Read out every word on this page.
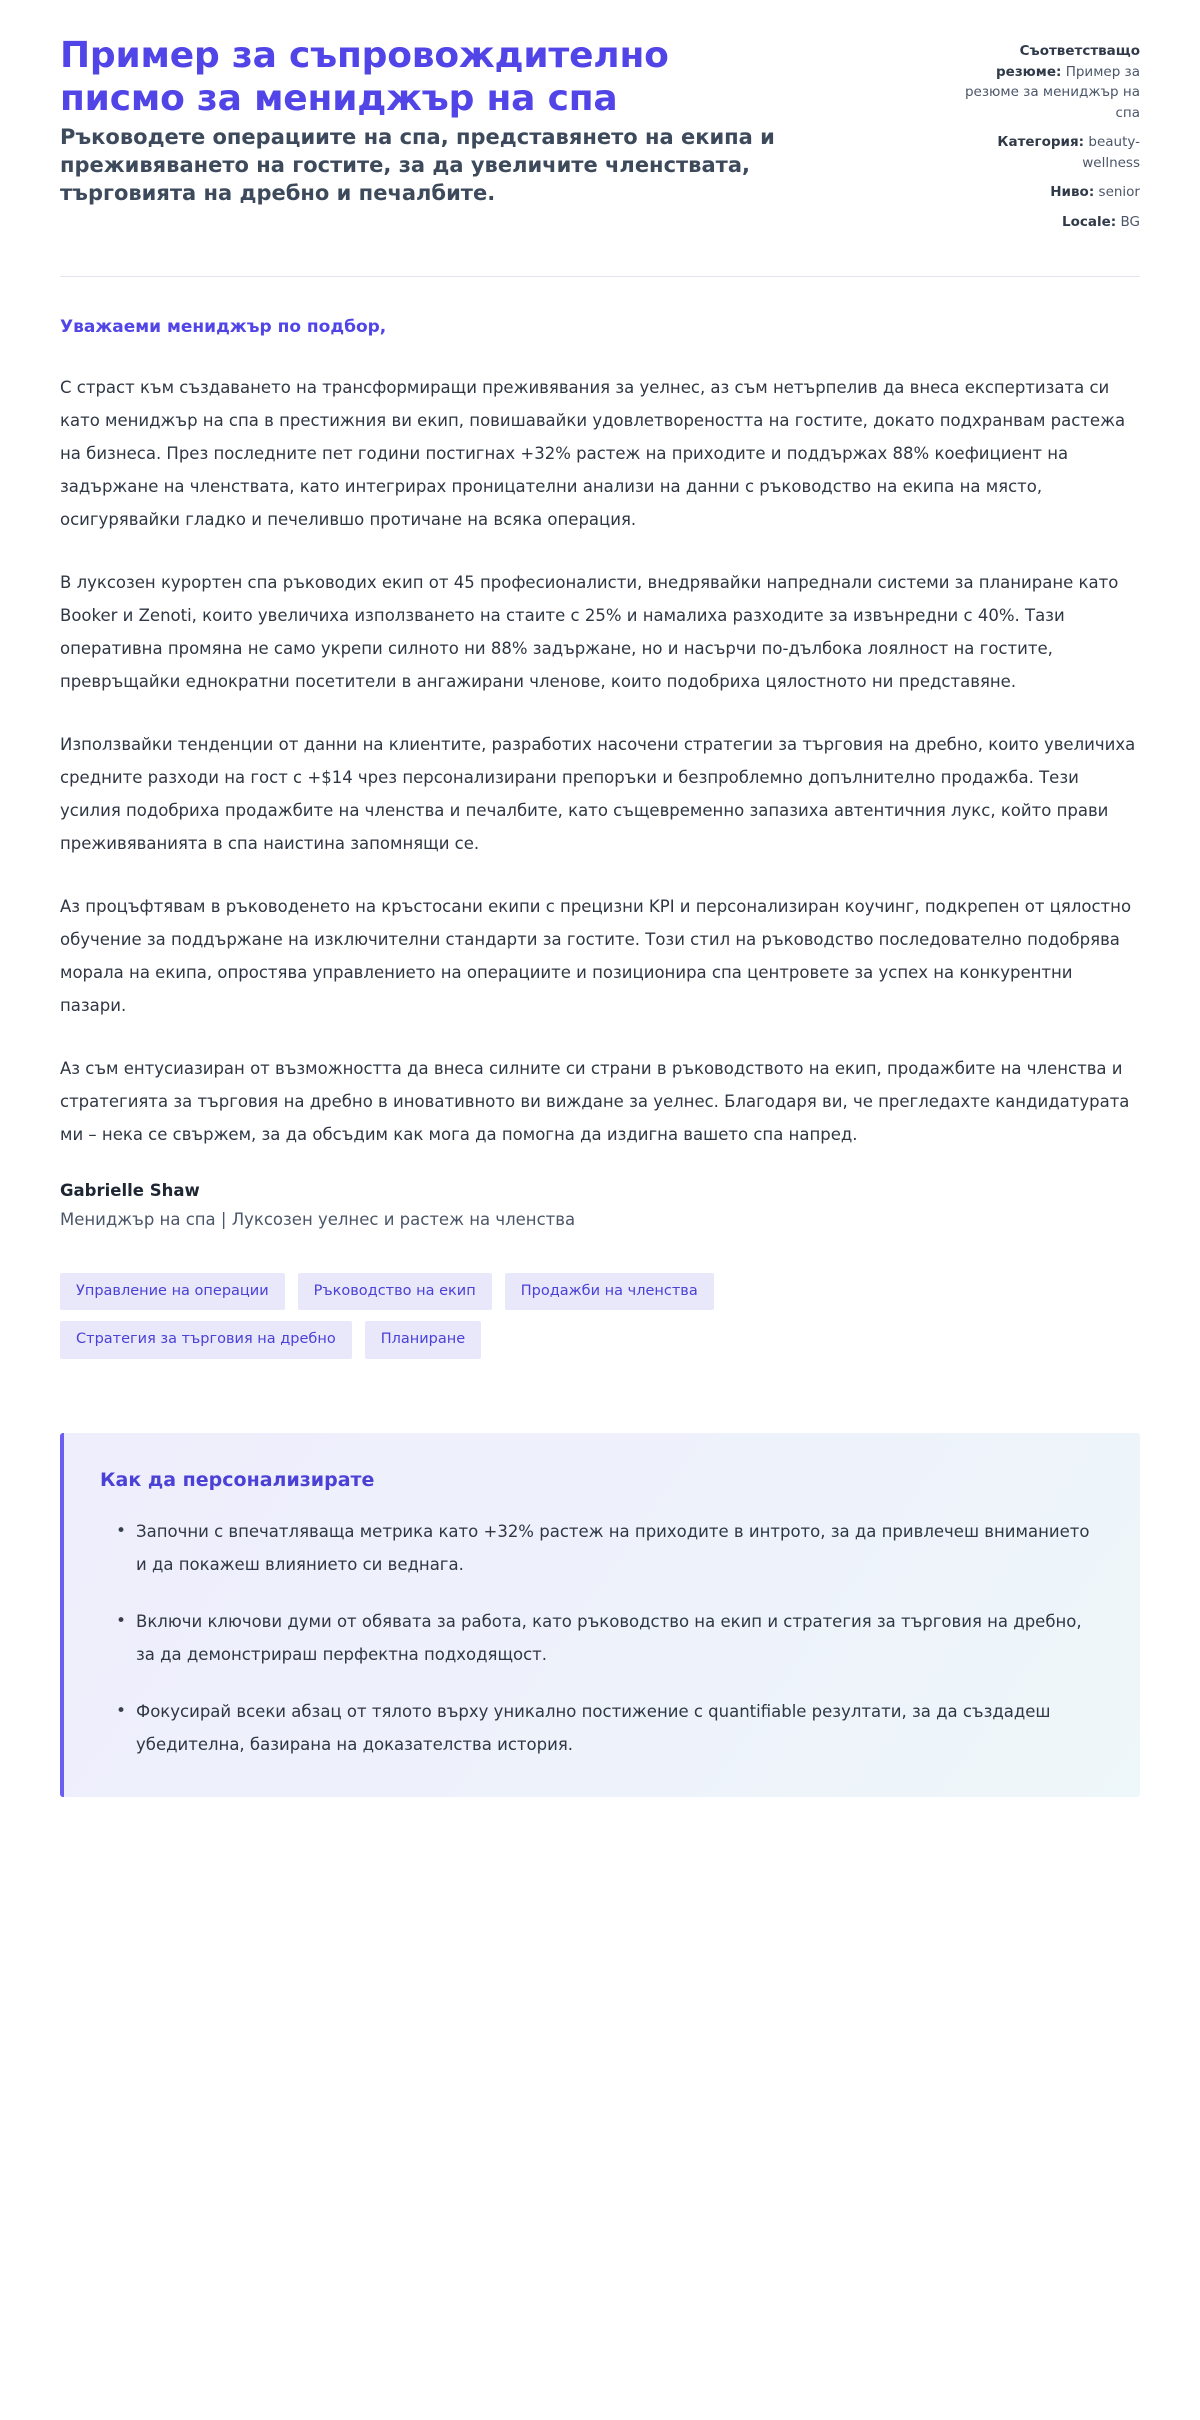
Пример за съпровождително писмо за мениджър на спа

Ръководете операциите на спа, представянето на екипа и преживяването на гостите, за да увеличите членствата, търговията на дребно и печалбите.

Съответстващо резюме: Пример за резюме за мениджър на спа
Категория: beauty-wellness
Ниво: senior
Locale: BG

Уважаеми мениджър по подбор,

С страст към създаването на трансформиращи преживявания за уелнес, аз съм нетърпелив да внеса експертизата си като мениджър на спа в престижния ви екип, повишавайки удовлетвореността на гостите, докато подхранвам растежа на бизнеса. През последните пет години постигнах +32% растеж на приходите и поддържах 88% коефициент на задържане на членствата, като интегрирах проницателни анализи на данни с ръководство на екипа на място, осигурявайки гладко и печелившо протичане на всяка операция.

В луксозен курортен спа ръководих екип от 45 професионалисти, внедрявайки напреднали системи за планиране като Booker и Zenoti, които увеличиха използването на стаите с 25% и намалиха разходите за извънредни с 40%. Тази оперативна промяна не само укрепи силното ни 88% задържане, но и насърчи по-дълбока лоялност на гостите, превръщайки еднократни посетители в ангажирани членове, които подобриха цялостното ни представяне.

Използвайки тенденции от данни на клиентите, разработих насочени стратегии за търговия на дребно, които увеличиха средните разходи на гост с +$14 чрез персонализирани препоръки и безпроблемно допълнително продажба. Тези усилия подобриха продажбите на членства и печалбите, като същевременно запазиха автентичния лукс, който прави преживяванията в спа наистина запомнящи се.

Аз процъфтявам в ръководенето на кръстосани екипи с прецизни KPI и персонализиран коучинг, подкрепен от цялостно обучение за поддържане на изключителни стандарти за гостите. Този стил на ръководство последователно подобрява морала на екипа, опростява управлението на операциите и позиционира спа центровете за успех на конкурентни пазари.

Аз съм ентусиазиран от възможността да внеса силните си страни в ръководството на екип, продажбите на членства и стратегията за търговия на дребно в иновативното ви виждане за уелнес. Благодаря ви, че прегледахте кандидатурата ми – нека се свържем, за да обсъдим как мога да помогна да издигна вашето спа напред.

Gabrielle Shaw

Мениджър на спа | Луксозен уелнес и растеж на членства

Управление на операции	Ръководство на екип	Продажби на членства
Стратегия за търговия на дребно	Планиране
Как да персонализирате
• Започни с впечатляваща метрика като +32% растеж на приходите в интрото, за да привлечеш вниманието и да покажеш влиянието си веднага.
• Включи ключови думи от обявата за работа, като ръководство на екип и стратегия за търговия на дребно, за да демонстрираш перфектна подходящост.
• Фокусирай всеки абзац от тялото върху уникално постижение с quantifiable резултати, за да създадеш убедителна, базирана на доказателства история.
